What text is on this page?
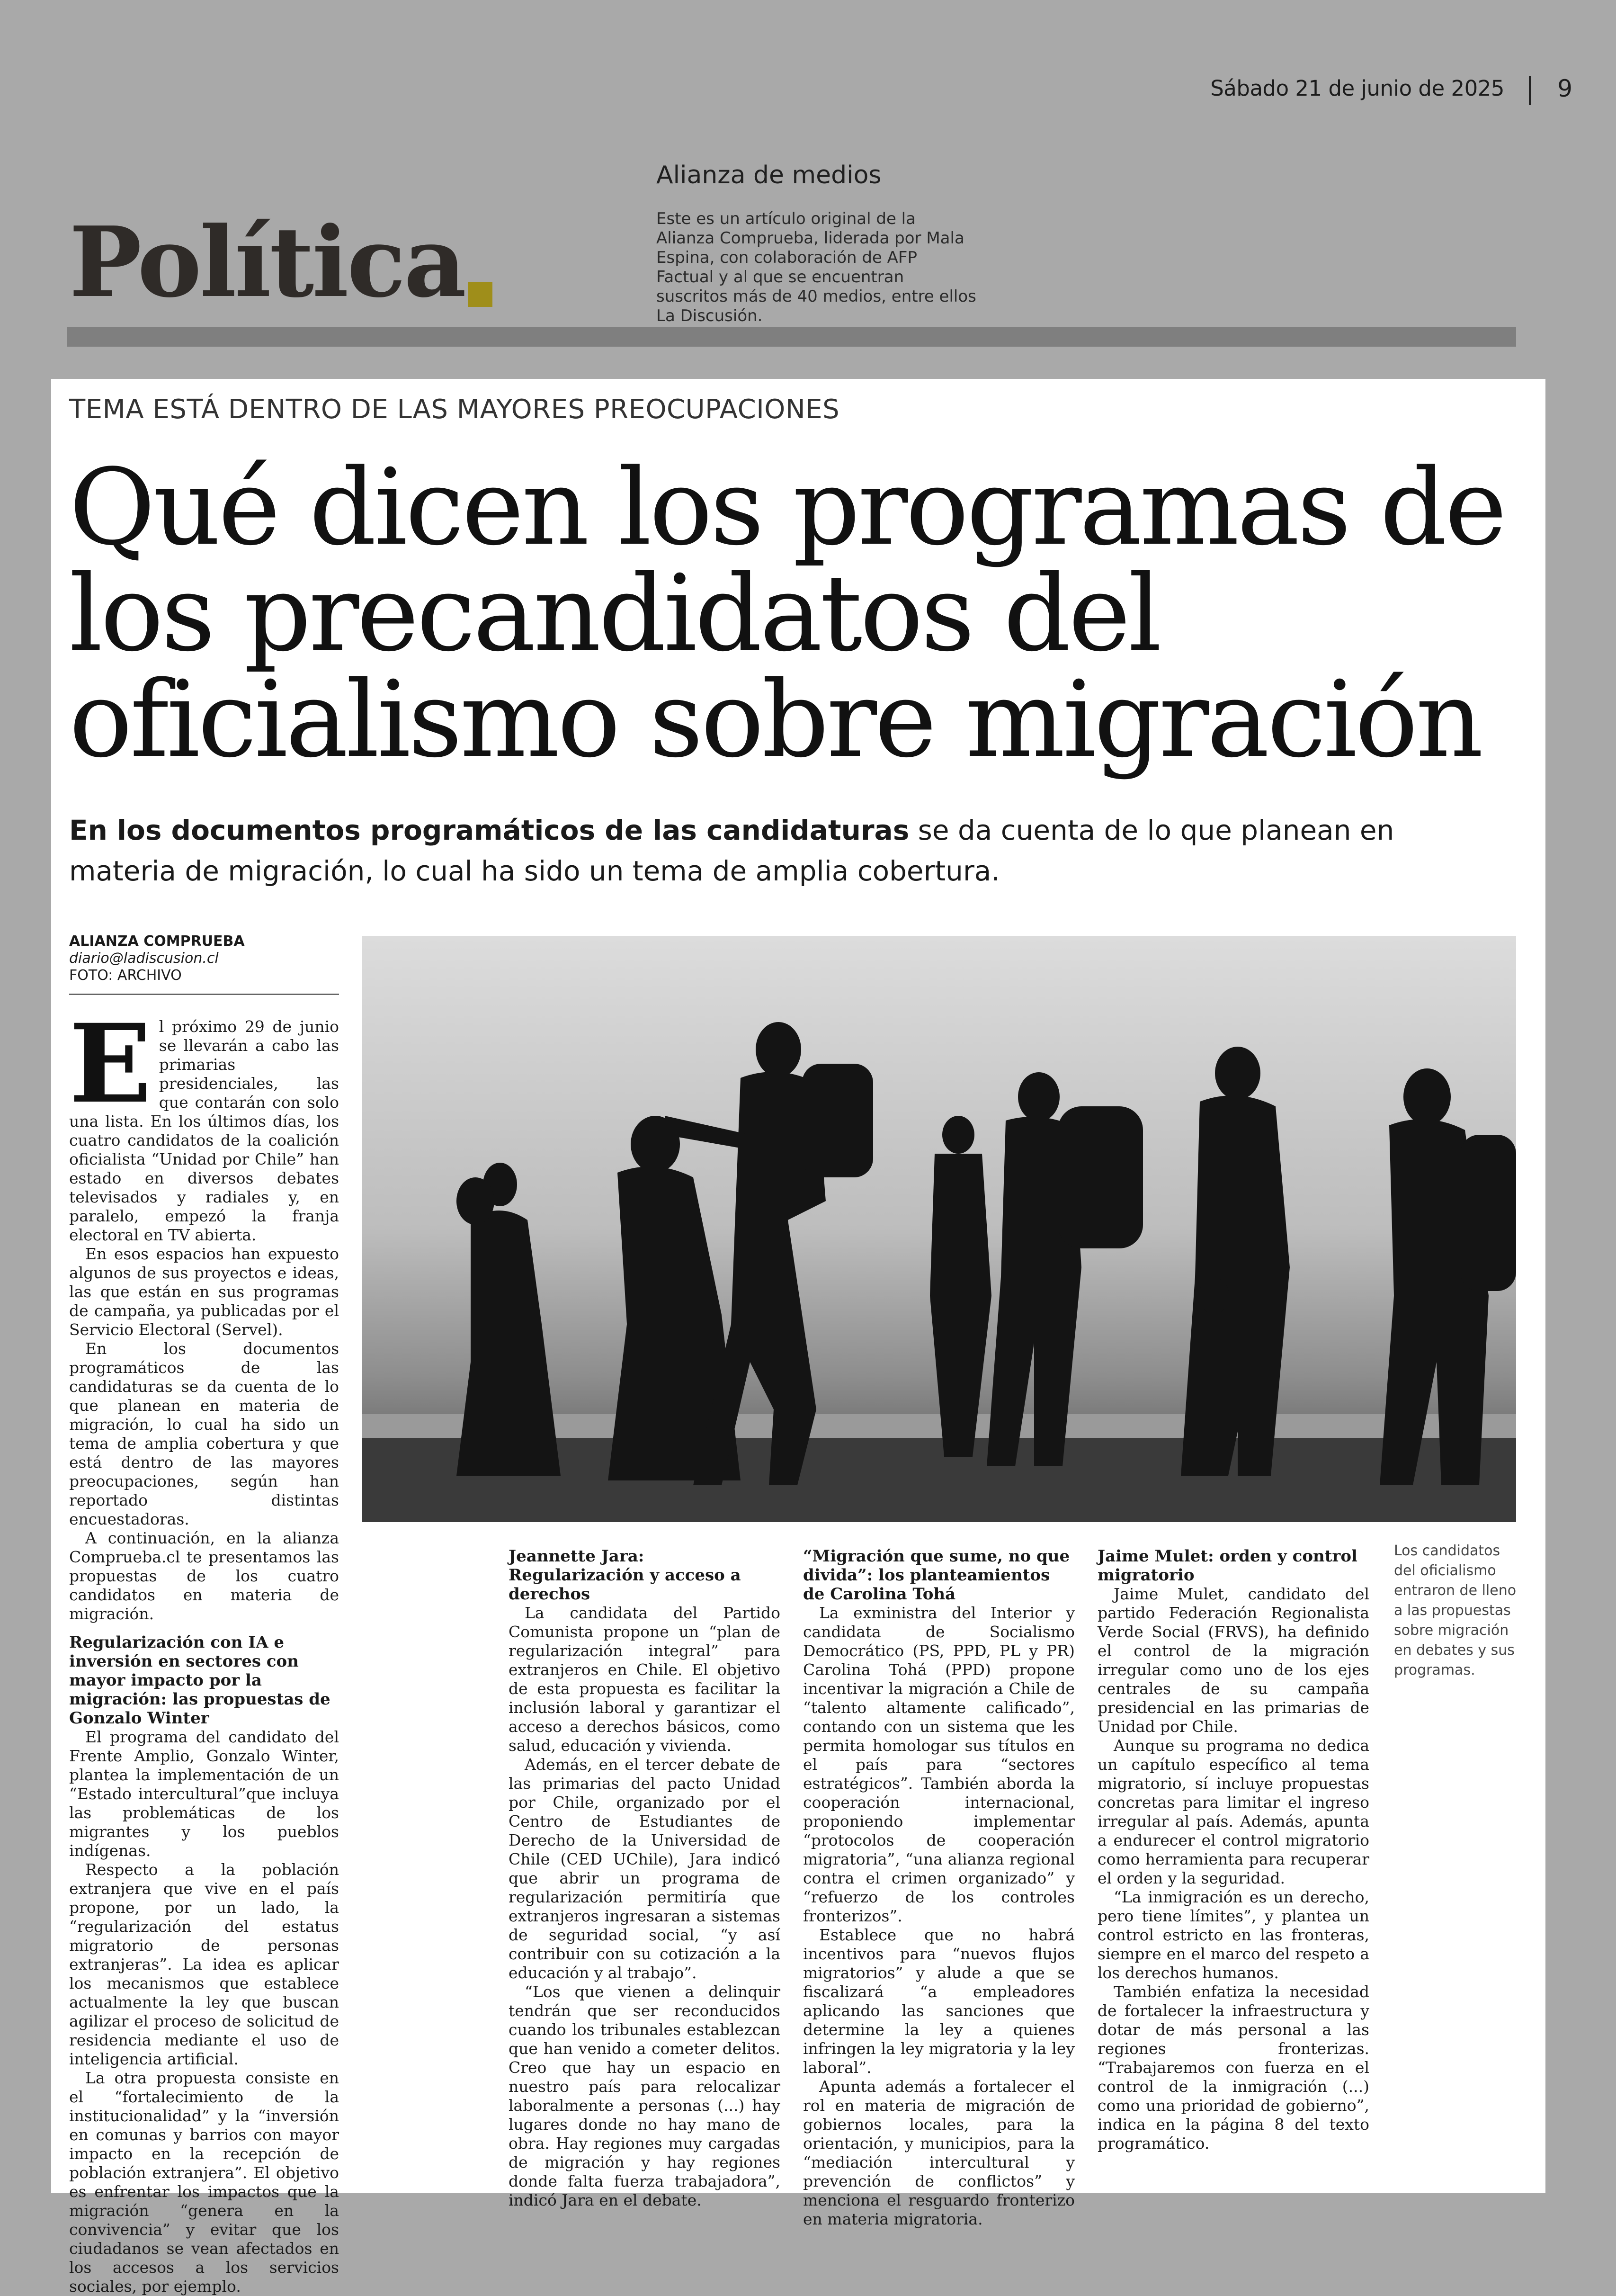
Sábado 21 de junio de 2025 9
Política
Alianza de medios
Este es un artículo original de la Alianza Comprueba, liderada por Mala Espina, con colaboración de AFP Factual y al que se encuentran suscritos más de 40 medios, entre ellos La Discusión.
TEMA ESTÁ DENTRO DE LAS MAYORES PREOCUPACIONES
Qué dicen los programas de los precandidatos del oficialismo sobre migración
En los documentos programáticos de las candidaturas se da cuenta de lo que planean en materia de migración, lo cual ha sido un tema de amplia cobertura.
ALIANZA COMPRUEBA
diario@ladiscusion.cl
FOTO: ARCHIVO
E l próximo 29 de junio se llevarán a cabo las primarias presidenciales, las que contarán con solo una lista. En los últimos días, los cuatro candidatos de la coalición oficialista “Unidad por Chile” han estado en diversos debates televisados y radiales y, en paralelo, empezó la franja electoral en TV abierta.

En esos espacios han expuesto algunos de sus proyectos e ideas, las que están en sus programas de campaña, ya publicadas por el Servicio Electoral (Servel).

En los documentos programáticos de las candidaturas se da cuenta de lo que planean en materia de migración, lo cual ha sido un tema de amplia cobertura y que está dentro de las mayores preocupaciones, según han reportado distintas encuestadoras.

A continuación, en la alianza Comprueba.cl te presentamos las propuestas de los cuatro candidatos en materia de migración.

Regularización con IA e inversión en sectores con mayor impacto por la migración: las propuestas de Gonzalo Winter

El programa del candidato del Frente Amplio, Gonzalo Winter, plantea la implementación de un “Estado intercultural”que incluya las problemáticas de los migrantes y los pueblos indígenas.

Respecto a la población extranjera que vive en el país propone, por un lado, la “regularización del estatus migratorio de personas extranjeras”. La idea es aplicar los mecanismos que establece actualmente la ley que buscan agilizar el proceso de solicitud de residencia mediante el uso de inteligencia artificial.

La otra propuesta consiste en el “fortalecimiento de la institucionalidad” y la “inversión en comunas y barrios con mayor impacto en la recepción de población extranjera”. El objetivo es enfrentar los impactos que la migración “genera en la convivencia” y evitar que los ciudadanos se vean afectados en los accesos a los servicios sociales, por ejemplo.

Jeannette Jara: Regularización y acceso a derechos

La candidata del Partido Comunista propone un “plan de regularización integral” para extranjeros en Chile. El objetivo de esta propuesta es facilitar la inclusión laboral y garantizar el acceso a derechos básicos, como salud, educación y vivienda.

Además, en el tercer debate de las primarias del pacto Unidad por Chile, organizado por el Centro de Estudiantes de Derecho de la Universidad de Chile (CED UChile), Jara indicó que abrir un programa de regularización permitiría que extranjeros ingresaran a sistemas de seguridad social, “y así contribuir con su cotización a la educación y al trabajo”.

“Los que vienen a delinquir tendrán que ser reconducidos cuando los tribunales establezcan que han venido a cometer delitos. Creo que hay un espacio en nuestro país para relocalizar laboralmente a personas (...) hay lugares donde no hay mano de obra. Hay regiones muy cargadas de migración y hay regiones donde falta fuerza trabajadora”, indicó Jara en el debate.

“Migración que sume, no que divida”: los planteamientos de Carolina Tohá

La exministra del Interior y candidata de Socialismo Democrático (PS, PPD, PL y PR) Carolina Tohá (PPD) propone incentivar la migración a Chile de “talento altamente calificado”, contando con un sistema que les permita homologar sus títulos en el país para “sectores estratégicos”. También aborda la cooperación internacional, proponiendo implementar “protocolos de cooperación migratoria”, “una alianza regional contra el crimen organizado” y “refuerzo de los controles fronterizos”.

Establece que no habrá incentivos para “nuevos flujos migratorios” y alude a que se fiscalizará “a empleadores aplicando las sanciones que determine la ley a quienes infringen la ley migratoria y la ley laboral”.

Apunta además a fortalecer el rol en materia de migración de gobiernos locales, para la orientación, y municipios, para la “mediación intercultural y prevención de conflictos” y menciona el resguardo fronterizo en materia migratoria.

Jaime Mulet: orden y control migratorio

Jaime Mulet, candidato del partido Federación Regionalista Verde Social (FRVS), ha definido el control de la migración irregular como uno de los ejes centrales de su campaña presidencial en las primarias de Unidad por Chile.

Aunque su programa no dedica un capítulo específico al tema migratorio, sí incluye propuestas concretas para limitar el ingreso irregular al país. Además, apunta a endurecer el control migratorio como herramienta para recuperar el orden y la seguridad.

“La inmigración es un derecho, pero tiene límites”, y plantea un control estricto en las fronteras, siempre en el marco del respeto a los derechos humanos.

También enfatiza la necesidad de fortalecer la infraestructura y dotar de más personal a las regiones fronterizas. “Trabajaremos con fuerza en el control de la inmigración (...) como una prioridad de gobierno”, indica en la página 8 del texto programático.

Los candidatos del oficialismo entraron de lleno a las propuestas sobre migración en debates y sus programas.
